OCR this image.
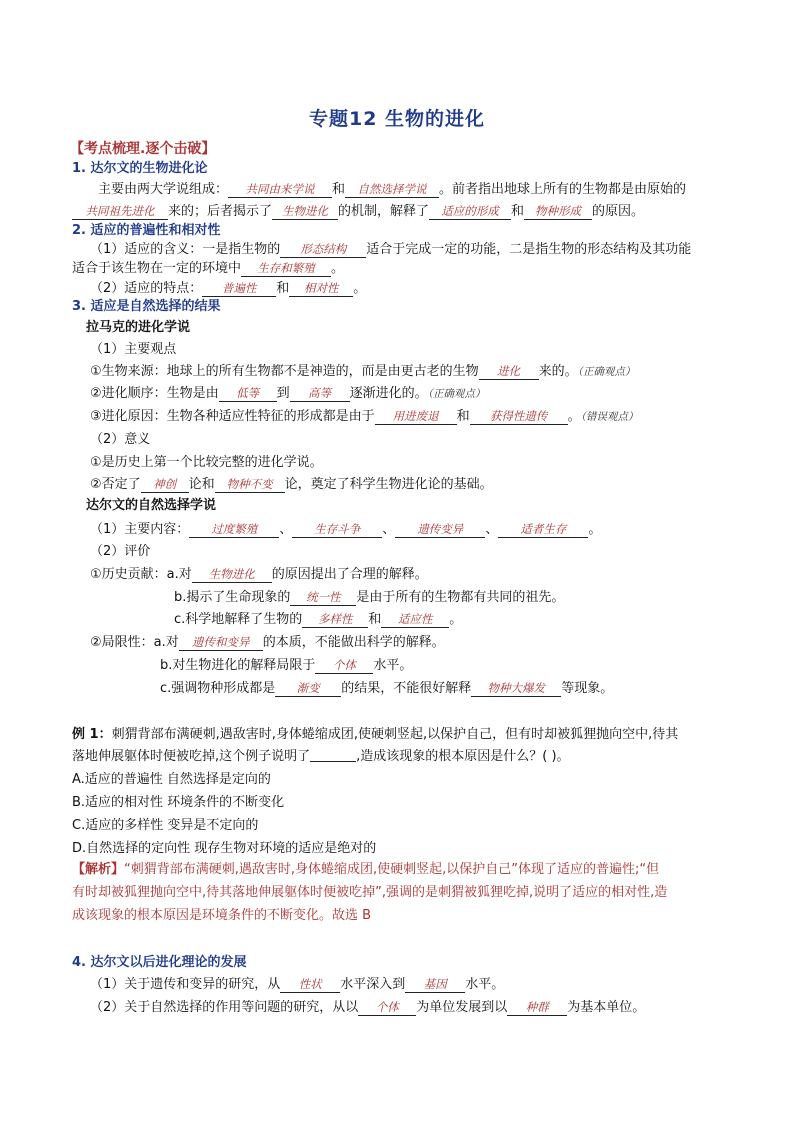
专题12 生物的进化
【考点梳理.逐个击破】
1. 达尔文的生物进化论
主要由两大学说组成： 共同由来学说 和 自然选择学说 。前者指出地球上所有的生物都是由原始的
共同祖先进化 来的；后者揭示了 生物进化 的机制，解释了 适应的形成 和 物种形成 的原因。
2. 适应的普遍性和相对性
（1）适应的含义：一是指生物的 形态结构 适合于完成一定的功能，二是指生物的形态结构及其功能
适合于该生物在一定的环境中 生存和繁殖 。
（2）适应的特点： 普遍性 和 相对性 。
3. 适应是自然选择的结果
拉马克的进化学说
（1）主要观点
①生物来源：地球上的所有生物都不是神造的，而是由更古老的生物 进化 来的。（正确观点）
②进化顺序：生物是由 低等 到 高等 逐渐进化的。（正确观点）
③进化原因：生物各种适应性特征的形成都是由于 用进废退 和 获得性遗传 。（错误观点）
（2）意义
①是历史上第一个比较完整的进化学说。
②否定了 神创 论和 物种不变 论，奠定了科学生物进化论的基础。
达尔文的自然选择学说
（1）主要内容： 过度繁殖 、 生存斗争 、 遗传变异 、 适者生存 。
（2）评价
①历史贡献：a.对 生物进化 的原因提出了合理的解释。
b.揭示了生命现象的 统一性 是由于所有的生物都有共同的祖先。
c.科学地解释了生物的 多样性 和 适应性 。
②局限性：a.对 遗传和变异 的本质，不能做出科学的解释。
b.对生物进化的解释局限于 个体 水平。
c.强调物种形成都是 渐变 的结果，不能很好解释 物种大爆发 等现象。
例 1：刺猬背部布满硬刺,遇敌害时,身体蜷缩成团,使硬刺竖起,以保护自己，但有时却被狐狸抛向空中,待其
落地伸展躯体时便被吃掉,这个例子说明了	,造成该现象的根本原因是什么？( )。
A.适应的普遍性 自然选择是定向的
B.适应的相对性 环境条件的不断变化
C.适应的多样性 变异是不定向的
D.自然选择的定向性 现存生物对环境的适应是绝对的
【解析】“刺猬背部布满硬刺,遇敌害时,身体蜷缩成团,使硬刺竖起,以保护自己”体现了适应的普遍性;“但
有时却被狐狸抛向空中,待其落地伸展躯体时便被吃掉”,强调的是刺猬被狐狸吃掉,说明了适应的相对性,造
成该现象的根本原因是环境条件的不断变化。故选 B
4. 达尔文以后进化理论的发展
（1）关于遗传和变异的研究，从 性状 水平深入到 基因 水平。
（2）关于自然选择的作用等问题的研究，从以 个体 为单位发展到以 种群 为基本单位。
